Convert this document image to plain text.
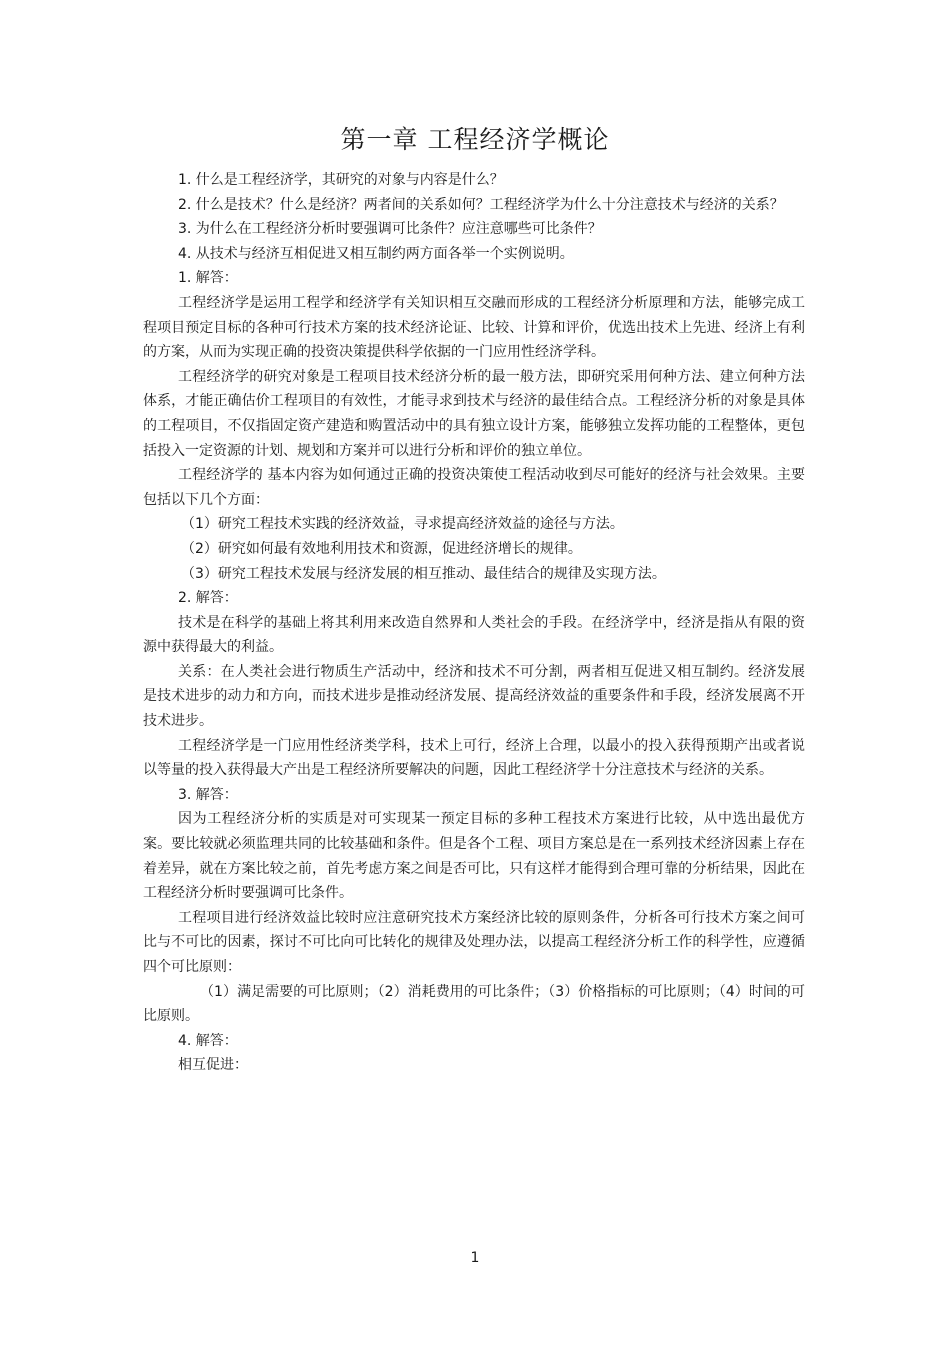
第一章 工程经济学概论

1. 什么是工程经济学，其研究的对象与内容是什么？

2. 什么是技术？什么是经济？两者间的关系如何？工程经济学为什么十分注意技术与经济的关系？

3. 为什么在工程经济分析时要强调可比条件？应注意哪些可比条件？

4. 从技术与经济互相促进又相互制约两方面各举一个实例说明。

1. 解答：

工程经济学是运用工程学和经济学有关知识相互交融而形成的工程经济分析原理和方法，能够完成工程项目预定目标的各种可行技术方案的技术经济论证、比较、计算和评价，优选出技术上先进、经济上有利的方案，从而为实现正确的投资决策提供科学依据的一门应用性经济学科。

工程经济学的研究对象是工程项目技术经济分析的最一般方法，即研究采用何种方法、建立何种方法体系，才能正确估价工程项目的有效性，才能寻求到技术与经济的最佳结合点。工程经济分析的对象是具体的工程项目，不仅指固定资产建造和购置活动中的具有独立设计方案，能够独立发挥功能的工程整体，更包括投入一定资源的计划、规划和方案并可以进行分析和评价的独立单位。

工程经济学的 基本内容为如何通过正确的投资决策使工程活动收到尽可能好的经济与社会效果。主要包括以下几个方面：

（1）研究工程技术实践的经济效益，寻求提高经济效益的途径与方法。

（2）研究如何最有效地利用技术和资源，促进经济增长的规律。

（3）研究工程技术发展与经济发展的相互推动、最佳结合的规律及实现方法。

2. 解答：

技术是在科学的基础上将其利用来改造自然界和人类社会的手段。在经济学中，经济是指从有限的资源中获得最大的利益。

关系：在人类社会进行物质生产活动中，经济和技术不可分割，两者相互促进又相互制约。经济发展是技术进步的动力和方向，而技术进步是推动经济发展、提高经济效益的重要条件和手段，经济发展离不开技术进步。

工程经济学是一门应用性经济类学科，技术上可行，经济上合理，以最小的投入获得预期产出或者说以等量的投入获得最大产出是工程经济所要解决的问题，因此工程经济学十分注意技术与经济的关系。

3. 解答：

因为工程经济分析的实质是对可实现某一预定目标的多种工程技术方案进行比较，从中选出最优方案。要比较就必须监理共同的比较基础和条件。但是各个工程、项目方案总是在一系列技术经济因素上存在着差异，就在方案比较之前，首先考虑方案之间是否可比，只有这样才能得到合理可靠的分析结果，因此在工程经济分析时要强调可比条件。

工程项目进行经济效益比较时应注意研究技术方案经济比较的原则条件，分析各可行技术方案之间可比与不可比的因素，探讨不可比向可比转化的规律及处理办法，以提高工程经济分析工作的科学性，应遵循四个可比原则：

（1）满足需要的可比原则；（2）消耗费用的可比条件；（3）价格指标的可比原则；（4）时间的可比原则。

4. 解答：

相互促进：

1
